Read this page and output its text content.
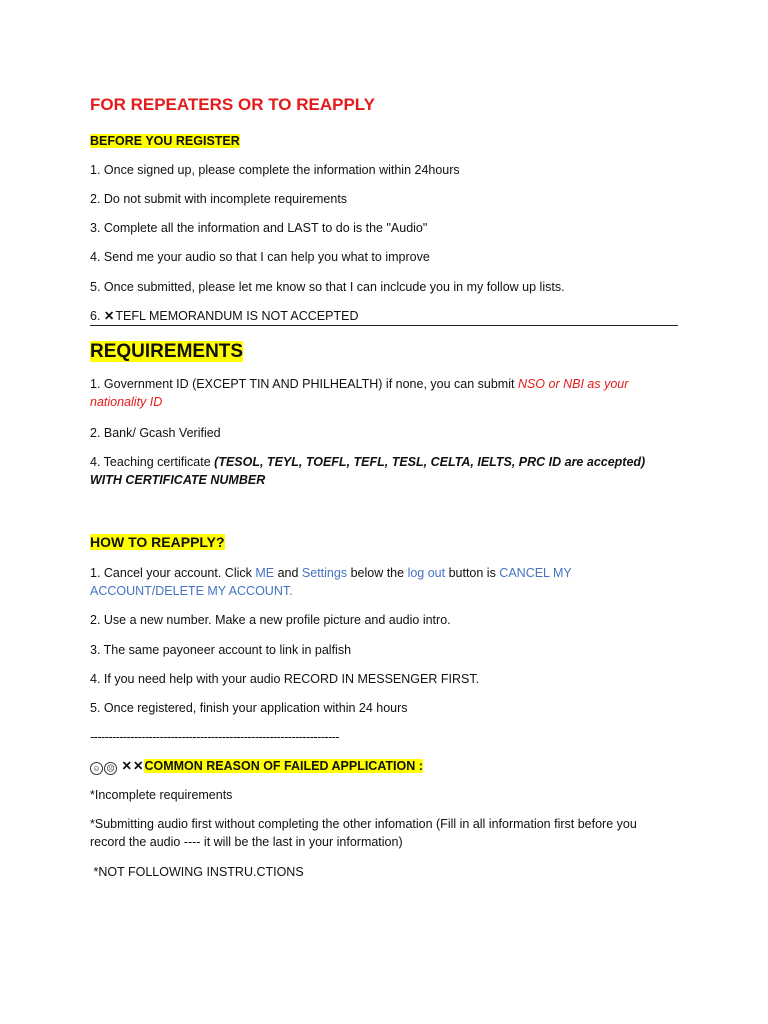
FOR REPEATERS OR TO REAPPLY
BEFORE YOU REGISTER
1. Once signed up, please complete the information within 24hours
2. Do not submit with incomplete requirements
3. Complete all the information and LAST to do is the "Audio"
4. Send me your audio so that I can help you what to improve
5. Once submitted, please let me know so that I can inclcude you in my follow up lists.
6. ✕TEFL MEMORANDUM IS NOT ACCEPTED
REQUIREMENTS
1. Government ID (EXCEPT TIN AND PHILHEALTH) if none, you can submit NSO or NBI as your nationality ID
2. Bank/ Gcash Verified
4. Teaching certificate (TESOL, TEYL, TOEFL, TEFL, TESL, CELTA, IELTS, PRC ID are accepted) WITH CERTIFICATE NUMBER
HOW TO REAPPLY?
1. Cancel your account. Click ME and Settings below the log out button is CANCEL MY ACCOUNT/DELETE MY ACCOUNT.
2. Use a new number. Make a new profile picture and audio intro.
3. The same payoneer account to link in palfish
4. If you need help with your audio RECORD IN MESSENGER FIRST.
5. Once registered, finish your application within 24 hours
--------------------------------------------------------------------
☺ ☹ ✕✕COMMON REASON OF FAILED APPLICATION :
*Incomplete requirements
*Submitting audio first without completing the other infomation (Fill in all information first before you record the audio ---- it will be the last in your information)
*NOT FOLLOWING INSTRU.CTIONS
